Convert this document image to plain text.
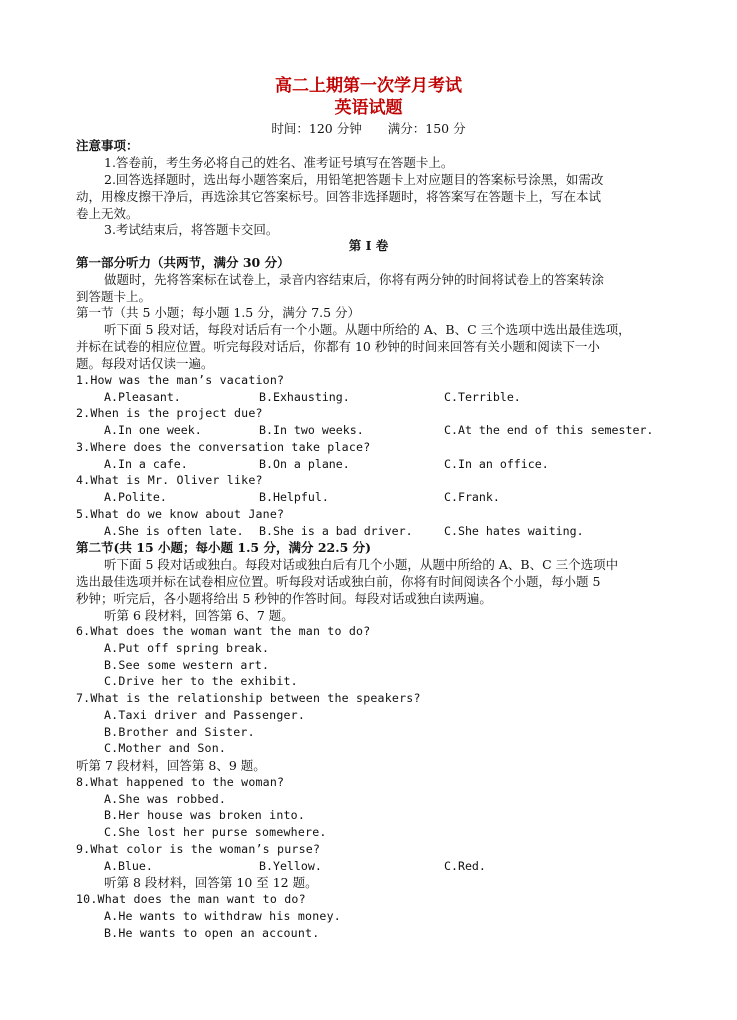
高二上期第一次学月考试
英语试题
时间：120 分钟 满分：150 分
注意事项：
1.答卷前，考生务必将自己的姓名、准考证号填写在答题卡上。
2.回答选择题时，选出每小题答案后，用铅笔把答题卡上对应题目的答案标号涂黑，如需改
动，用橡皮擦干净后，再选涂其它答案标号。回答非选择题时，将答案写在答题卡上，写在本试
卷上无效。
3.考试结束后，将答题卡交回。
第 I 卷
第一部分听力（共两节，满分 30 分）
做题时，先将答案标在试卷上，录音内容结束后，你将有两分钟的时间将试卷上的答案转涂
到答题卡上。
第一节（共 5 小题；每小题 1.5 分，满分 7.5 分）
听下面 5 段对话，每段对话后有一个小题。从题中所给的 A、B、C 三个选项中选出最佳选项，
并标在试卷的相应位置。听完每段对话后，你都有 10 秒钟的时间来回答有关小题和阅读下一小
题。每段对话仅读一遍。
1.How was the man’s vacation?
A.Pleasant.	B.Exhausting.	C.Terrible.
2.When is the project due?
A.In one week.	B.In two weeks.	C.At the end of this semester.
3.Where does the conversation take place?
A.In a cafe.	B.On a plane.	C.In an office.
4.What is Mr. Oliver like?
A.Polite.	B.Helpful.	C.Frank.
5.What do we know about Jane?
A.She is often late. B.She is a bad driver.	C.She hates waiting.
第二节(共 15 小题；每小题 1.5 分，满分 22.5 分)
听下面 5 段对话或独白。每段对话或独白后有几个小题，从题中所给的 A、B、C 三个选项中
选出最佳选项并标在试卷相应位置。听每段对话或独白前，你将有时间阅读各个小题，每小题 5
秒钟；听完后，各小题将给出 5 秒钟的作答时间。每段对话或独白读两遍。
听第 6 段材料，回答第 6、7 题。
6.What does the woman want the man to do?
A.Put off spring break.
B.See some western art.
C.Drive her to the exhibit.
7.What is the relationship between the speakers?
A.Taxi driver and Passenger.
B.Brother and Sister.
C.Mother and Son.
听第 7 段材料，回答第 8、9 题。
8.What happened to the woman?
A.She was robbed.
B.Her house was broken into.
C.She lost her purse somewhere.
9.What color is the woman’s purse?
A.Blue.	B.Yellow.	C.Red.
听第 8 段材料，回答第 10 至 12 题。
10.What does the man want to do?
A.He wants to withdraw his money.
B.He wants to open an account.
